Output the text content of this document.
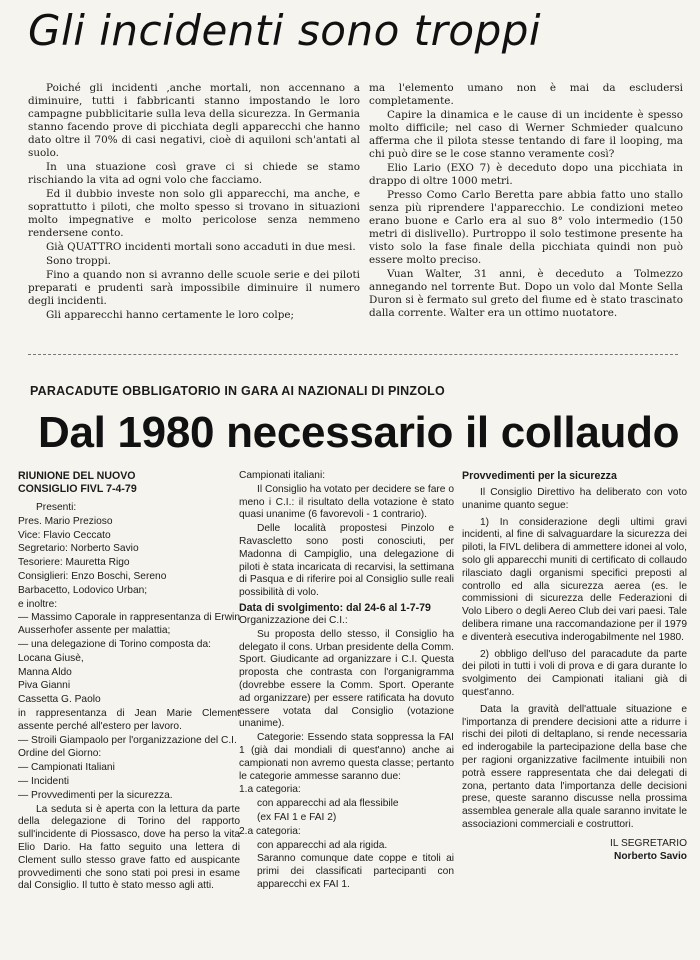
Gli incidenti sono troppi

Poiché gli incidenti ,anche mortali, non accennano a diminuire, tutti i fabbricanti stanno impostando le loro campagne pubblicitarie sulla leva della sicurezza. In Germania stanno facendo prove di picchiata degli apparecchi che hanno dato oltre il 70% di casi negativi, cioè di aquiloni sch'antati al suolo.

In una stuazione così grave ci si chiede se stamo rischiando la vita ad ogni volo che facciamo.

Ed il dubbio investe non solo gli apparecchi, ma anche, e soprattutto i piloti, che molto spesso si trovano in situazioni molto impegnative e molto pericolose senza nemmeno rendersene conto.

Già QUATTRO incidenti mortali sono accaduti in due mesi.

Sono troppi.

Fino a quando non si avranno delle scuole serie e dei piloti preparati e prudenti sarà impossibile diminuire il numero degli incidenti.

Gli apparecchi hanno certamente le loro colpe;

ma l'elemento umano non è mai da escludersi completamente.

Capire la dinamica e le cause di un incidente è spesso molto difficile; nel caso di Werner Schmieder qualcuno afferma che il pilota stesse tentando di fare il looping, ma chi può dire se le cose stanno veramente così?

Elio Lario (EXO 7) è deceduto dopo una picchiata in drappo di oltre 1000 metri.

Presso Como Carlo Beretta pare abbia fatto uno stallo senza più riprendere l'apparecchio. Le condizioni meteo erano buone e Carlo era al suo 8° volo intermedio (150 metri di dislivello). Purtroppo il solo testimone presente ha visto solo la fase finale della picchiata quindi non può essere molto preciso.

Vuan Walter, 31 anni, è deceduto a Tolmezzo annegando nel torrente But. Dopo un volo dal Monte Sella Duron si è fermato sul greto del fiume ed è stato trascinato dalla corrente. Walter era un ottimo nuotatore.

PARACADUTE OBBLIGATORIO IN GARA AI NAZIONALI DI PINZOLO
Dal 1980 necessario il collaudo
RIUNIONE DEL NUOVO
CONSIGLIO FIVL 7-4-79

Presenti:

Pres. Mario Prezioso

Vice: Flavio Ceccato

Segretario: Norberto Savio

Tesoriere: Mauretta Rigo

Consiglieri: Enzo Boschi, Sereno

Barbacetto, Lodovico Urban;

e inoltre:

— Massimo Caporale in rappresentanza di Erwin Ausserhofer assente per malattia;

— una delegazione di Torino composta da:

Locana Giusè,

Manna Aldo

Piva Gianni

Cassetta G. Paolo

in rappresentanza di Jean Marie Clement assente perché all'estero per lavoro.

— Stroili Giampaolo per l'organizzazione del C.I.

Ordine del Giorno:

— Campionati Italiani

— Incidenti

— Provvedimenti per la sicurezza.

La seduta si è aperta con la lettura da parte della delegazione di Torino del rapporto sull'incidente di Piossasco, dove ha perso la vita Elio Dario. Ha fatto seguito una lettera di Clement sullo stesso grave fatto ed auspicante provvedimenti che sono stati poi presi in esame dal Consiglio. Il tutto è stato messo agli atti.

Campionati italiani:

Il Consiglio ha votato per decidere se fare o meno i C.I.: il risultato della votazione è stato quasi unanime (6 favorevoli - 1 contrario).

Delle località propostesi Pinzolo e Ravascletto sono posti conosciuti, per Madonna di Campiglio, una delegazione di piloti è stata incaricata di recarvisi, la settimana di Pasqua e di riferire poi al Consiglio sulle reali possibilità di volo.

Data di svolgimento: dal 24-6 al 1-7-79

Organizzazione dei C.I.:

Su proposta dello stesso, il Consiglio ha delegato il cons. Urban presidente della Comm. Sport. Giudicante ad organizzare i C.I. Questa proposta che contrasta con l'organigramma (dovrebbe essere la Comm. Sport. Operante ad organizzare) per essere ratificata ha dovuto essere votata dal Consiglio (votazione unanime).

Categorie: Essendo stata soppressa la FAI 1 (già dai mondiali di quest'anno) anche ai campionati non avremo questa classe; pertanto le categorie ammesse saranno due:

1.a categoria:

con apparecchi ad ala flessibile

(ex FAI 1 e FAI 2)

2.a categoria:

con apparecchi ad ala rigida.

Saranno comunque date coppe e titoli ai primi dei classificati partecipanti con apparecchi ex FAI 1.

Provvedimenti per la sicurezza

Il Consiglio Direttivo ha deliberato con voto unanime quanto segue:

1) In considerazione degli ultimi gravi incidenti, al fine di salvaguardare la sicurezza dei piloti, la FIVL delibera di ammettere idonei al volo, solo gli apparecchi muniti di certificato di collaudo rilasciato dagli organismi specifici preposti al controllo ed alla sicurezza aerea (es. le commissioni di sicurezza delle Federazioni di Volo Libero o degli Aereo Club dei vari paesi. Tale delibera rimane una raccomandazione per il 1979 e diventerà esecutiva inderogabilmente nel 1980.

2) obbligo dell'uso del paracadute da parte dei piloti in tutti i voli di prova e di gara durante lo svolgimento dei Campionati italiani già di quest'anno.

Data la gravità dell'attuale situazione e l'importanza di prendere decisioni atte a ridurre i rischi dei piloti di deltaplano, si rende necessaria ed inderogabile la partecipazione della base che per ragioni organizzative facilmente intuibili non potrà essere rappresentata che dai delegati di zona, pertanto data l'importanza delle decisioni prese, queste saranno discusse nella prossima assemblea generale alla quale saranno invitate le associazioni commerciali e costruttori.

IL SEGRETARIO
Norberto Savio
